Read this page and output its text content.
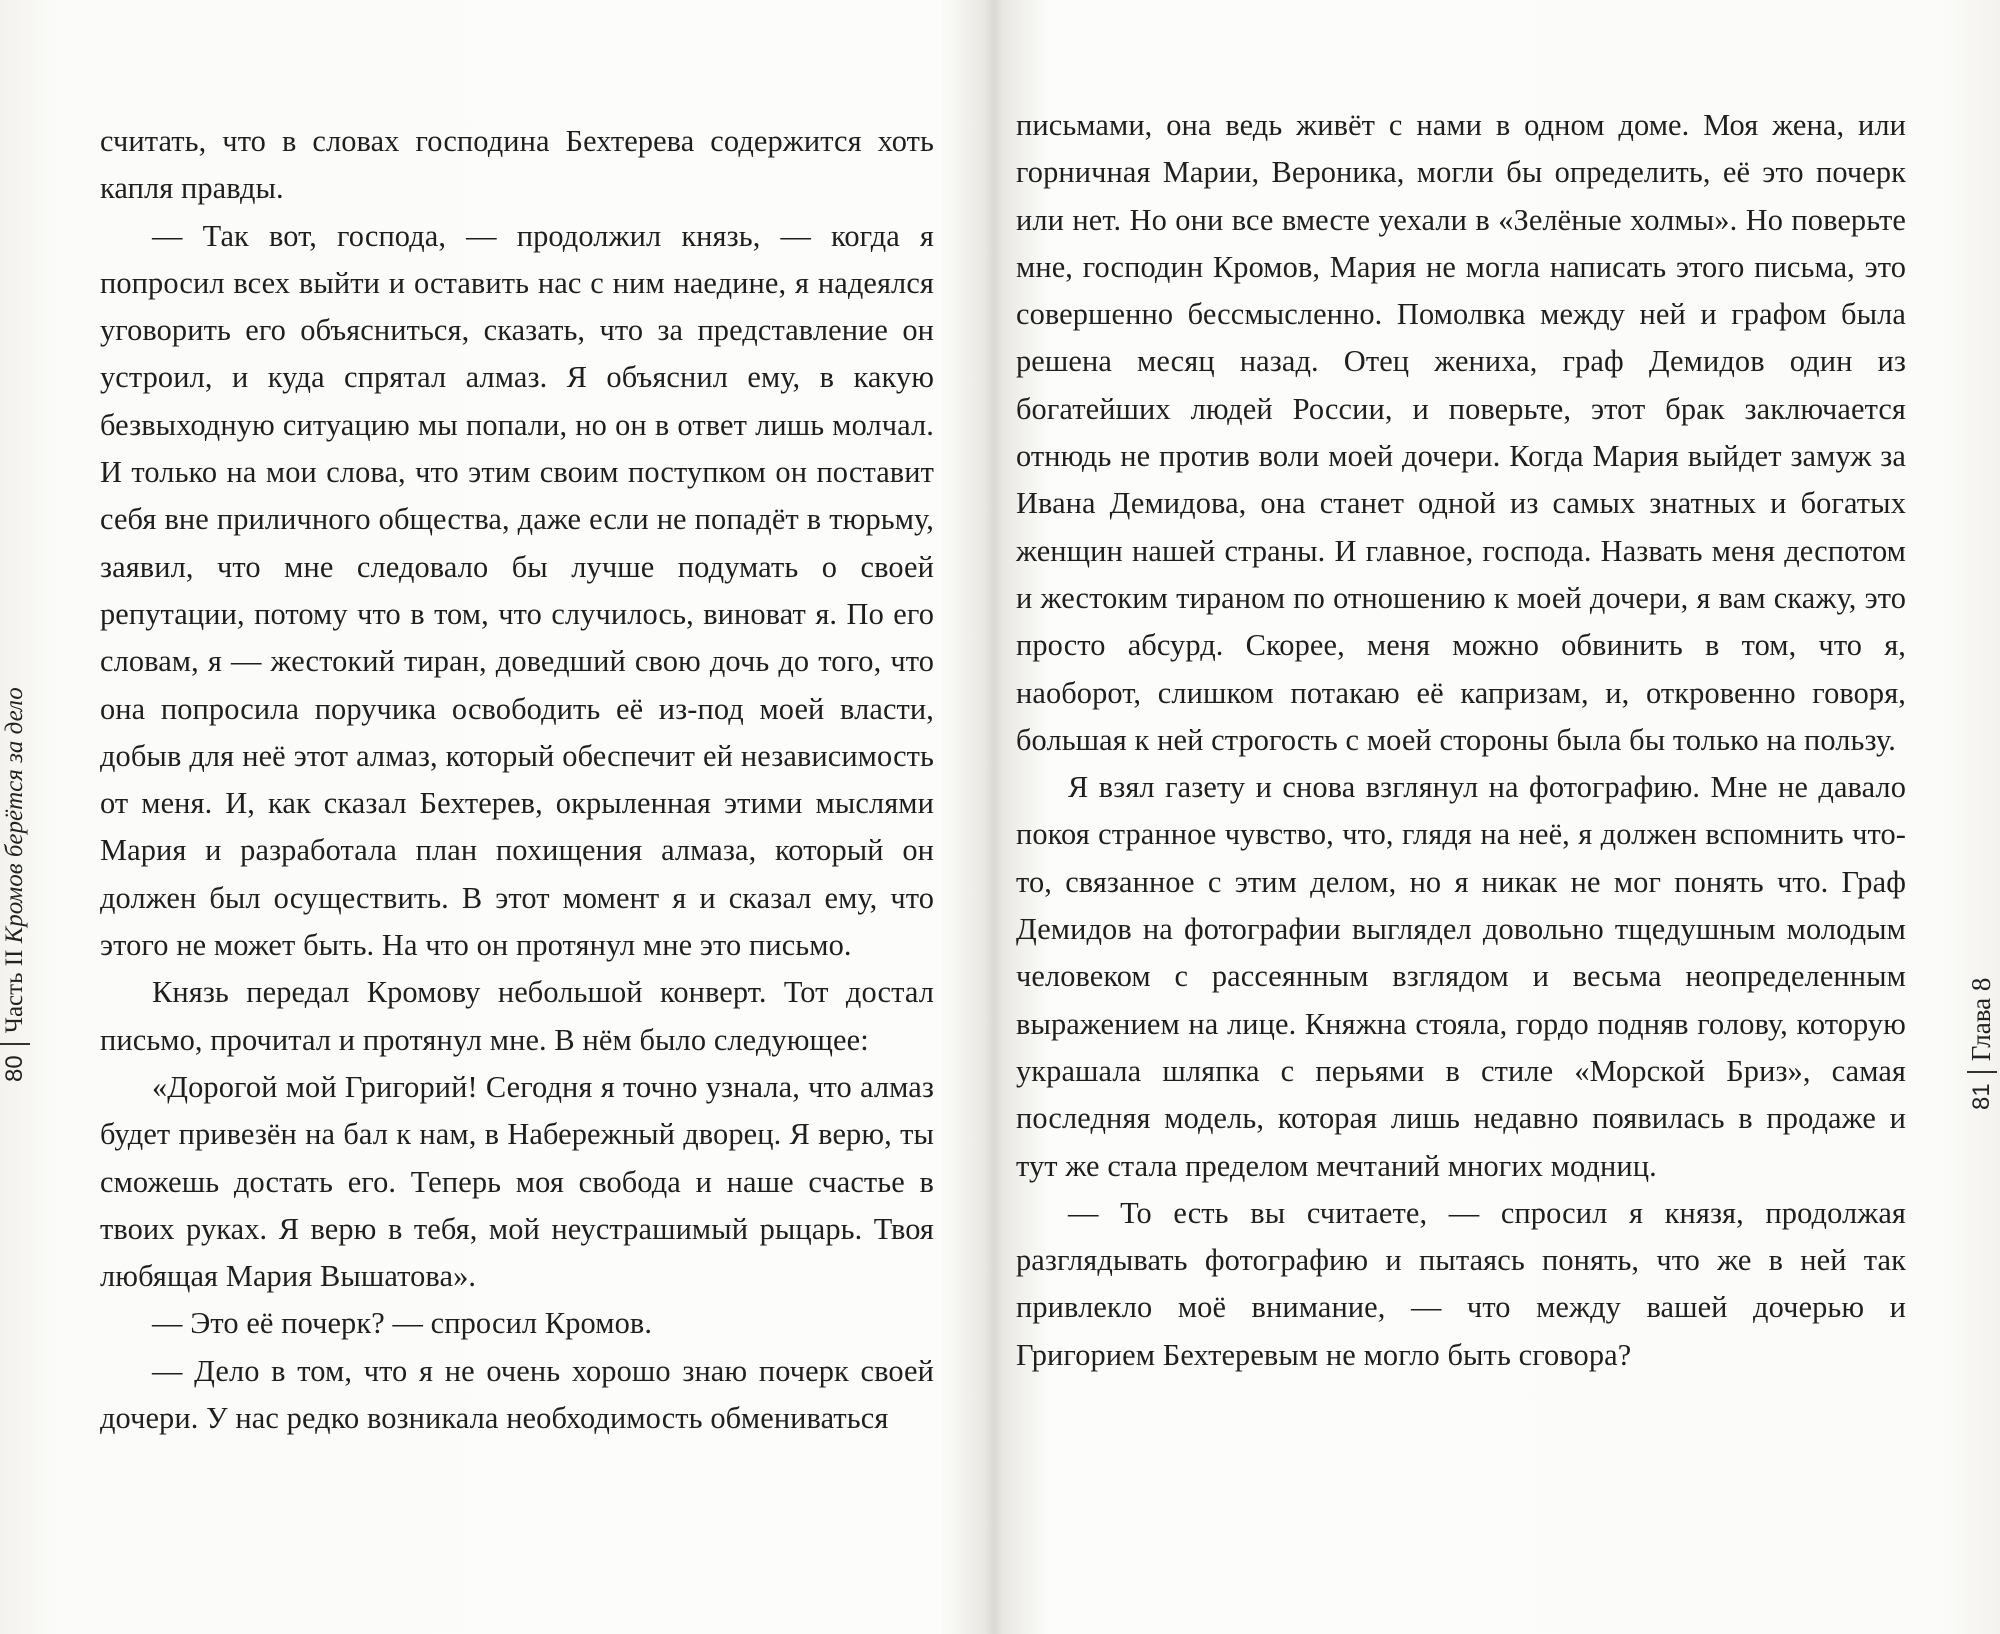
считать, что в словах господина Бехтерева содержится хоть капля правды.

— Так вот, господа, — продолжил князь, — когда я попросил всех выйти и оставить нас с ним наедине, я надеялся уговорить его объясниться, сказать, что за представление он устроил, и куда спрятал алмаз. Я объяснил ему, в какую безвыходную ситуацию мы попали, но он в ответ лишь молчал. И только на мои слова, что этим своим поступком он поставит себя вне приличного общества, даже если не попадёт в тюрьму, заявил, что мне следовало бы лучше подумать о своей репутации, потому что в том, что случилось, виноват я. По его словам, я — жестокий тиран, доведший свою дочь до того, что она попросила поручика освободить её из-под моей власти, добыв для неё этот алмаз, который обеспечит ей независимость от меня. И, как сказал Бехтерев, окрыленная этими мыслями Мария и разработала план похищения алмаза, который он должен был осуществить. В этот момент я и сказал ему, что этого не может быть. На что он протянул мне это письмо.

Князь передал Кромову небольшой конверт. Тот достал письмо, прочитал и протянул мне. В нём было следующее:

«Дорогой мой Григорий! Сегодня я точно узнала, что алмаз будет привезён на бал к нам, в Набережный дворец. Я верю, ты сможешь достать его. Теперь моя свобода и наше счастье в твоих руках. Я верю в тебя, мой неустрашимый рыцарь. Твоя любящая Мария Вышатова».

— Это её почерк? — спросил Кромов.

— Дело в том, что я не очень хорошо знаю почерк своей дочери. У нас редко возникала необходимость обмениваться

80
Часть II Кромов берётся за дело

письмами, она ведь живёт с нами в одном доме. Моя жена, или горничная Марии, Вероника, могли бы определить, её это почерк или нет. Но они все вместе уехали в «Зелёные холмы». Но поверьте мне, господин Кромов, Мария не могла написать этого письма, это совершенно бессмысленно. Помолвка между ней и графом была решена месяц назад. Отец жениха, граф Демидов один из богатейших людей России, и поверьте, этот брак заключается отнюдь не против воли моей дочери. Когда Мария выйдет замуж за Ивана Демидова, она станет одной из самых знатных и богатых женщин нашей страны. И главное, господа. Назвать меня деспотом и жестоким тираном по отношению к моей дочери, я вам скажу, это просто абсурд. Скорее, меня можно обвинить в том, что я, наоборот, слишком потакаю её капризам, и, откровенно говоря, большая к ней строгость с моей стороны была бы только на пользу.

Я взял газету и снова взглянул на фотографию. Мне не давало покоя странное чувство, что, глядя на неё, я должен вспомнить что-то, связанное с этим делом, но я никак не мог понять что. Граф Демидов на фотографии выглядел довольно тщедушным молодым человеком с рассеянным взглядом и весьма неопределенным выражением на лице. Княжна стояла, гордо подняв голову, которую украшала шляпка с перьями в стиле «Морской Бриз», самая последняя модель, которая лишь недавно появилась в продаже и тут же стала пределом мечтаний многих модниц.

— То есть вы считаете, — спросил я князя, продолжая разглядывать фотографию и пытаясь понять, что же в ней так привлекло моё внимание, — что между вашей дочерью и Григорием Бехтеревым не могло быть сговора?

81
Глава 8
